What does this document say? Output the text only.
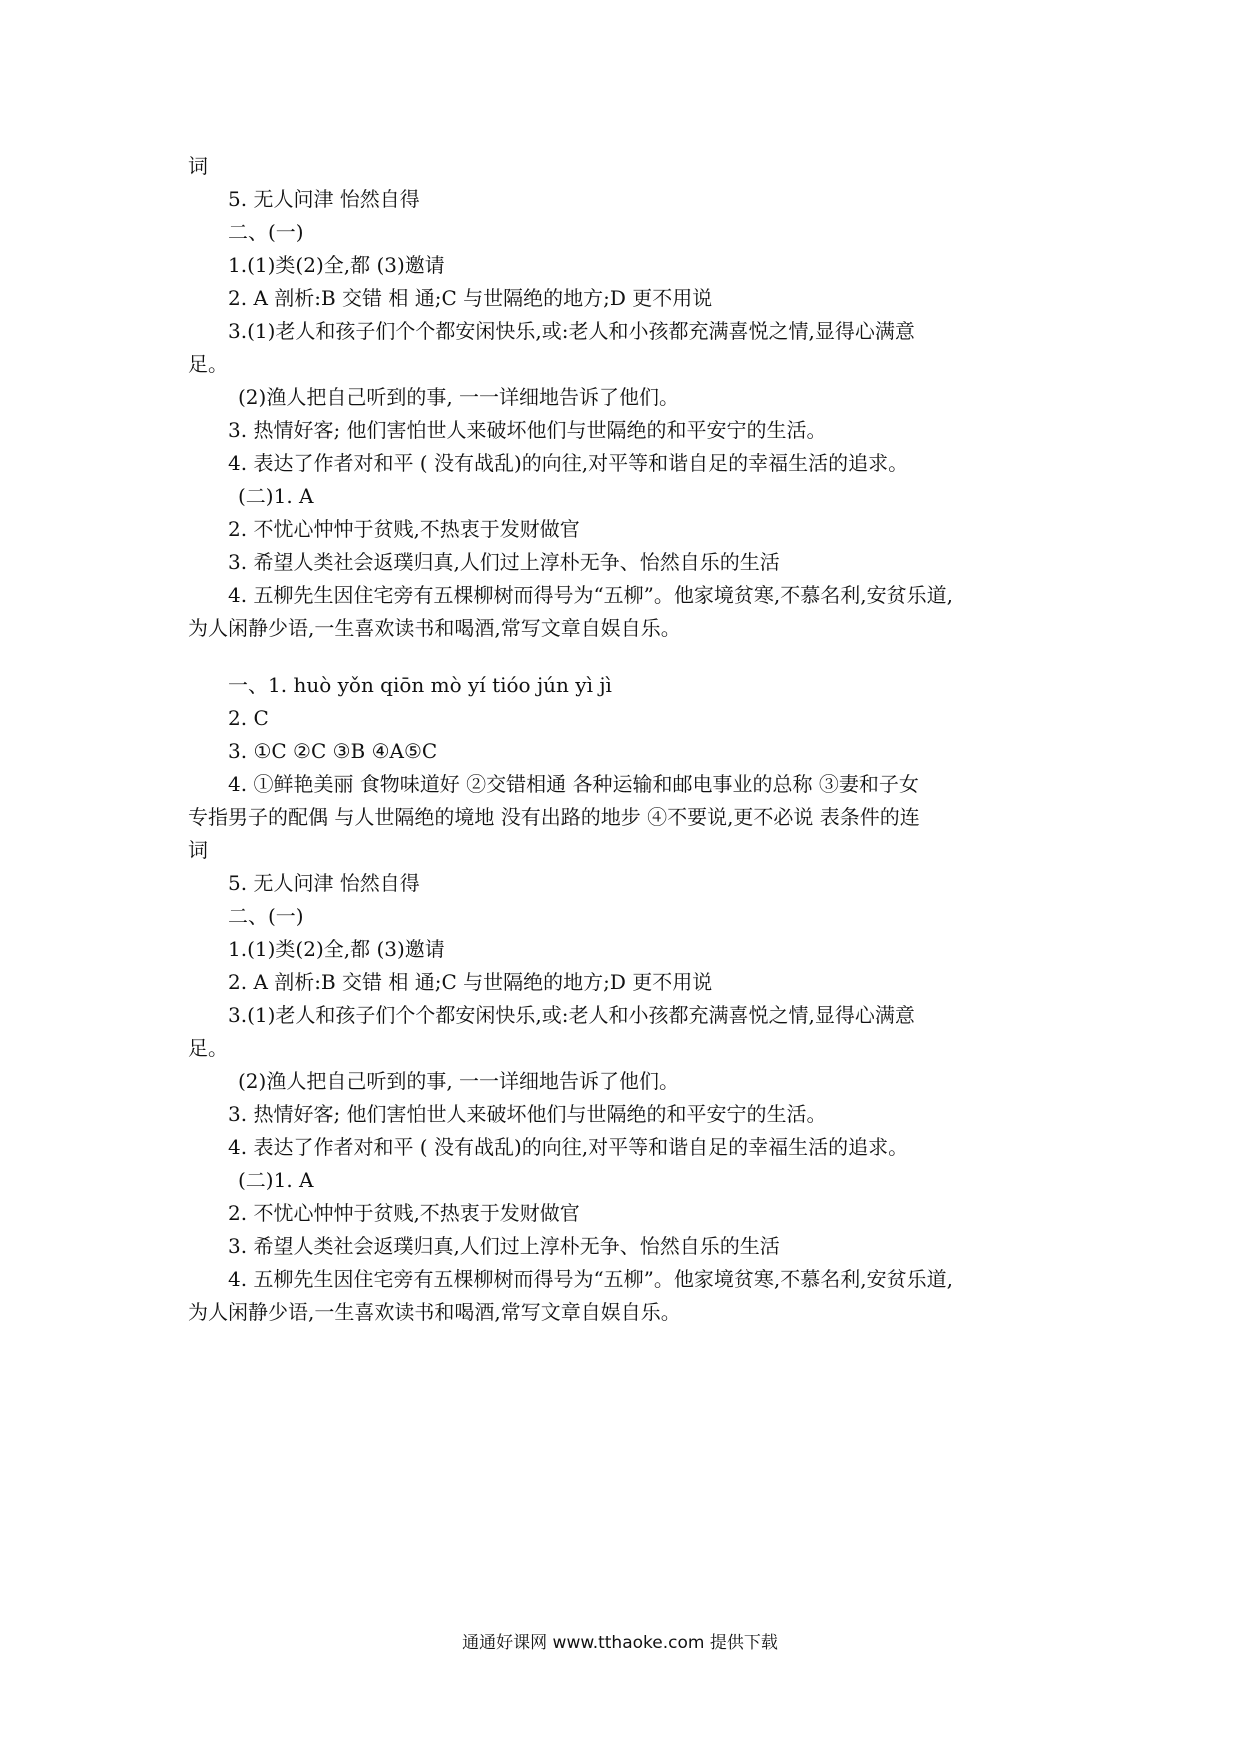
词
5. 无人问津 怡然自得
二、(一)
1.(1)类(2)全,都 (3)邀请
2. A 剖析:B 交错 相 通;C 与世隔绝的地方;D 更不用说
3.(1)老人和孩子们个个都安闲快乐,或:老人和小孩都充满喜悦之情,显得心满意
足。
(2)渔人把自己听到的事, 一一详细地告诉了他们。
3. 热情好客; 他们害怕世人来破坏他们与世隔绝的和平安宁的生活。
4. 表达了作者对和平 ( 没有战乱)的向往,对平等和谐自足的幸福生活的追求。
(二)1. A
2. 不忧心忡忡于贫贱,不热衷于发财做官
3. 希望人类社会返璞归真,人们过上淳朴无争、怡然自乐的生活
4. 五柳先生因住宅旁有五棵柳树而得号为“五柳”。他家境贫寒,不慕名利,安贫乐道,
为人闲静少语,一生喜欢读书和喝酒,常写文章自娱自乐。
一、1. huò yǒn qiōn mò yí tióo jún yì jì
2. C
3. ①C ②C ③B ④A⑤C
4. ①鲜艳美丽 食物味道好 ②交错相通 各种运输和邮电事业的总称 ③妻和子女
专指男子的配偶 与人世隔绝的境地 没有出路的地步 ④不要说,更不必说 表条件的连
词
5. 无人问津 怡然自得
二、(一)
1.(1)类(2)全,都 (3)邀请
2. A 剖析:B 交错 相 通;C 与世隔绝的地方;D 更不用说
3.(1)老人和孩子们个个都安闲快乐,或:老人和小孩都充满喜悦之情,显得心满意
足。
(2)渔人把自己听到的事, 一一详细地告诉了他们。
3. 热情好客; 他们害怕世人来破坏他们与世隔绝的和平安宁的生活。
4. 表达了作者对和平 ( 没有战乱)的向往,对平等和谐自足的幸福生活的追求。
(二)1. A
2. 不忧心忡忡于贫贱,不热衷于发财做官
3. 希望人类社会返璞归真,人们过上淳朴无争、怡然自乐的生活
4. 五柳先生因住宅旁有五棵柳树而得号为“五柳”。他家境贫寒,不慕名利,安贫乐道,
为人闲静少语,一生喜欢读书和喝酒,常写文章自娱自乐。
通通好课网 www.tthaoke.com 提供下载
